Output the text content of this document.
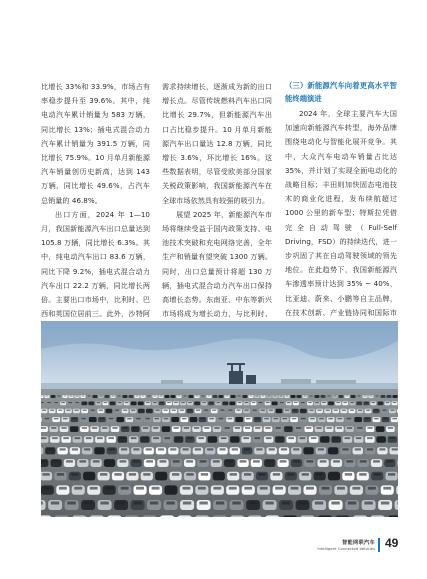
比增长 33%和 33.9%，市场占有率稳步提升至 39.6%。其中，纯电动汽车累计销量为 583 万辆，同比增长 13%；插电式混合动力汽车累计销量为 391.5 万辆，同比增长 75.9%。10 月单月新能源汽车销量创历史新高，达到 143 万辆，同比增长 49.6%，占汽车总销量的 46.8%。

出口方面，2024 年 1—10 月，我国新能源汽车出口总量达到 105.8 万辆，同比增长 6.3%。其中，纯电动汽车出口 83.6 万辆，同比下降 9.2%，插电式混合动力汽车出口 22.2 万辆，同比增长两倍。主要出口市场中，比利时、巴西和英国位居前三。此外，沙特阿

需求持续增长，逐渐成为新的出口增长点。尽管传统燃料汽车出口同比增长 29.7%，但新能源汽车出口占比稳步提升。10 月单月新能源汽车出口量达 12.8 万辆，同比增长 3.6%，环比增长 16%。这些数据表明，尽管受欧美部分国家关税政策影响，我国新能源汽车在全球市场依然具有较强的吸引力。

展望 2025 年，新能源汽车市场将继续受益于国内政策支持、电池技术突破和充电网络完善，全年生产和销量有望突破 1300 万辆。同时，出口总量预计将超 130 万辆，插电式混合动力汽车出口保持高增长态势。东南亚、中东等新兴市场将成为增长动力，与比利时、

（三）新能源汽车向着更高水平智能终端演进

2024 年，全球主要汽车大国加速向新能源汽车转型，海外品牌围绕电动化与智能化展开竞争。其中，大众汽车电动车销量占比达 35%，并计划了实现全面电动化的战略目标；丰田则加快固态电池技术的商业化进程，发布续航超过 1000 公里的新车型；特斯拉凭借完全自动驾驶（Full-Self Driving，FSD）的持续迭代，进一步巩固了其在自动驾驶领域的领先地位。在此趋势下，我国新能源汽车渗透率预计达到 35% ~ 40%，比亚迪、蔚来、小鹏等自主品牌，在技术创新、产业链协同和国际市

智能网联汽车
Intelligent Connected Vehicles 49
